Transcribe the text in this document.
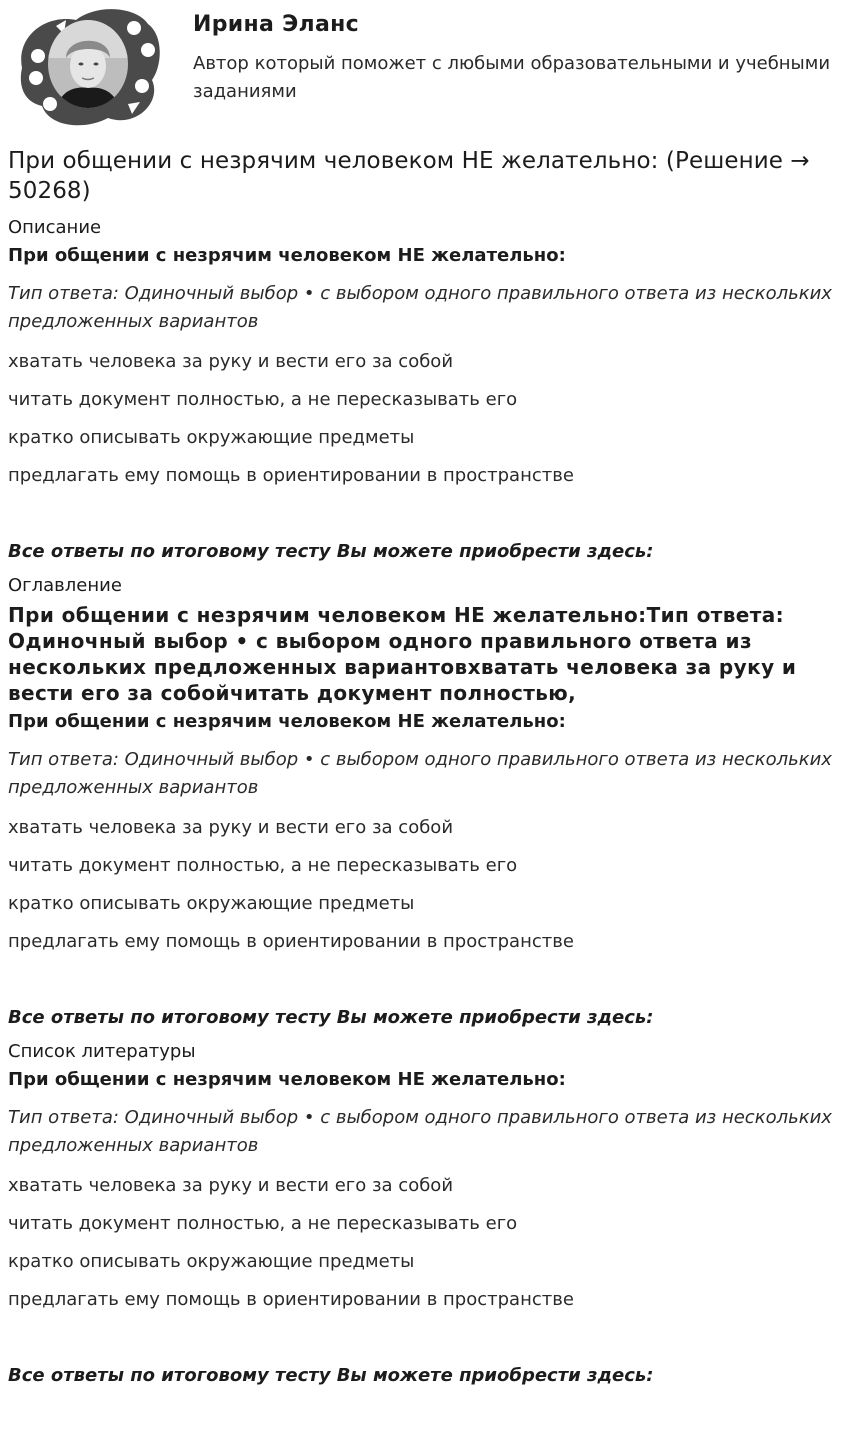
Ирина Эланс
Автор который поможет с любыми образовательными и учебными заданиями
При общении с незрячим человеком НЕ желательно: (Решение → 50268)
Описание
При общении с незрячим человеком НЕ желательно:
Тип ответа: Одиночный выбор • с выбором одного правильного ответа из нескольких предложенных вариантов
хватать человека за руку и вести его за собой
читать документ полностью, а не пересказывать его
кратко описывать окружающие предметы
предлагать ему помощь в ориентировании в пространстве
Все ответы по итоговому тесту Вы можете приобрести здесь:
Оглавление
При общении с незрячим человеком НЕ желательно:Тип ответа: Одиночный выбор • с выбором одного правильного ответа из нескольких предложенных вариантовхватать человека за руку и вести его за собойчитать документ полностью,
При общении с незрячим человеком НЕ желательно:
Тип ответа: Одиночный выбор • с выбором одного правильного ответа из нескольких предложенных вариантов
хватать человека за руку и вести его за собой
читать документ полностью, а не пересказывать его
кратко описывать окружающие предметы
предлагать ему помощь в ориентировании в пространстве
Все ответы по итоговому тесту Вы можете приобрести здесь:
Список литературы
При общении с незрячим человеком НЕ желательно:
Тип ответа: Одиночный выбор • с выбором одного правильного ответа из нескольких предложенных вариантов
хватать человека за руку и вести его за собой
читать документ полностью, а не пересказывать его
кратко описывать окружающие предметы
предлагать ему помощь в ориентировании в пространстве
Все ответы по итоговому тесту Вы можете приобрести здесь:
